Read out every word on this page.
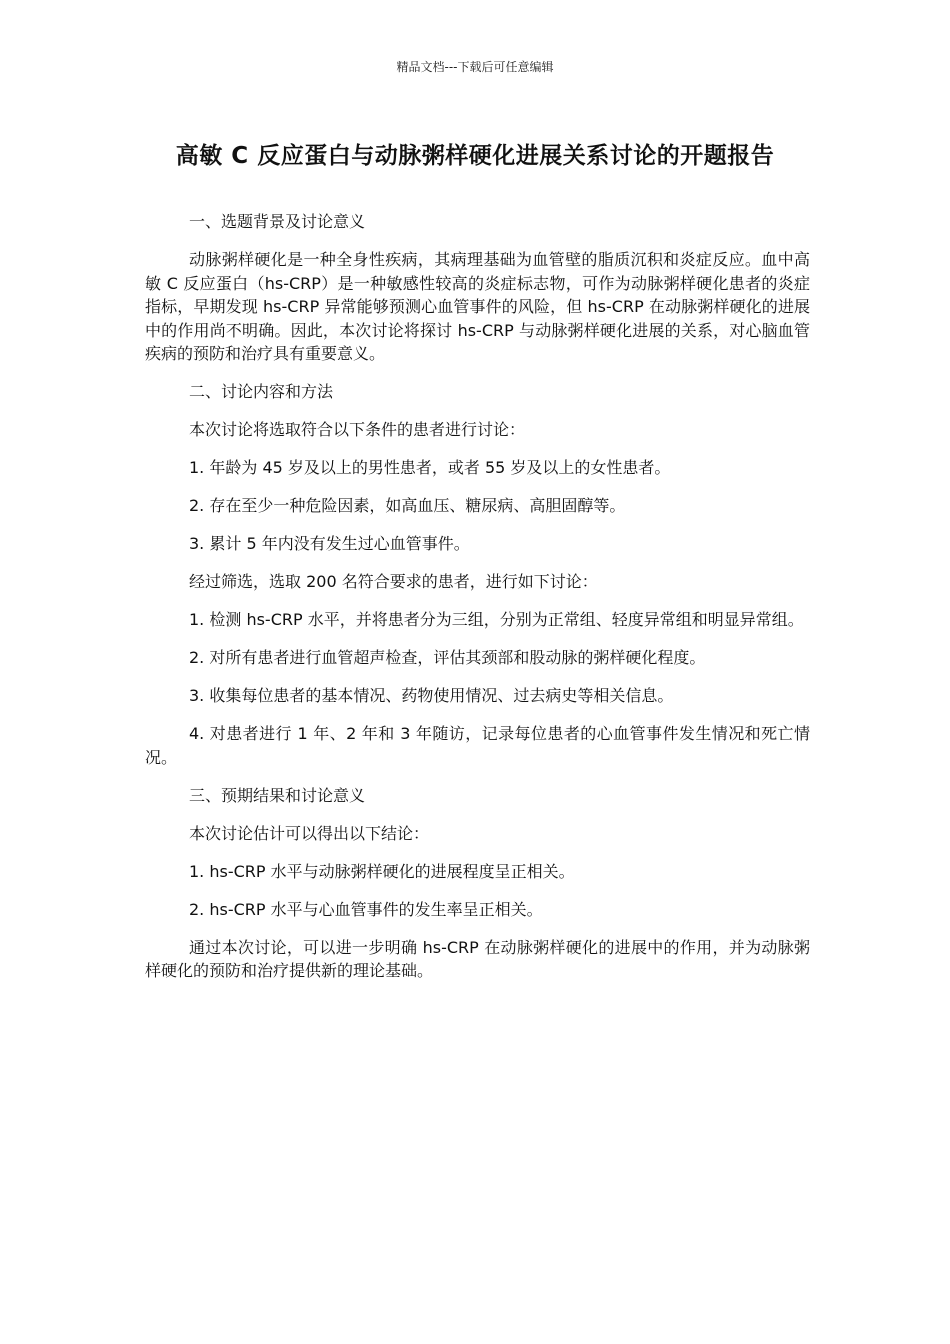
精品文档---下载后可任意编辑
高敏 C 反应蛋白与动脉粥样硬化进展关系讨论的开题报告

一、选题背景及讨论意义

动脉粥样硬化是一种全身性疾病，其病理基础为血管壁的脂质沉积和炎症反应。血中高敏 C 反应蛋白（hs-CRP）是一种敏感性较高的炎症标志物，可作为动脉粥样硬化患者的炎症指标，早期发现 hs-CRP 异常能够预测心血管事件的风险，但 hs-CRP 在动脉粥样硬化的进展中的作用尚不明确。因此，本次讨论将探讨 hs-CRP 与动脉粥样硬化进展的关系，对心脑血管疾病的预防和治疗具有重要意义。

二、讨论内容和方法

本次讨论将选取符合以下条件的患者进行讨论：

1. 年龄为 45 岁及以上的男性患者，或者 55 岁及以上的女性患者。

2. 存在至少一种危险因素，如高血压、糖尿病、高胆固醇等。

3. 累计 5 年内没有发生过心血管事件。

经过筛选，选取 200 名符合要求的患者，进行如下讨论：

1. 检测 hs-CRP 水平，并将患者分为三组，分别为正常组、轻度异常组和明显异常组。

2. 对所有患者进行血管超声检查，评估其颈部和股动脉的粥样硬化程度。

3. 收集每位患者的基本情况、药物使用情况、过去病史等相关信息。

4. 对患者进行 1 年、2 年和 3 年随访，记录每位患者的心血管事件发生情况和死亡情况。

三、预期结果和讨论意义

本次讨论估计可以得出以下结论：

1. hs-CRP 水平与动脉粥样硬化的进展程度呈正相关。

2. hs-CRP 水平与心血管事件的发生率呈正相关。

通过本次讨论，可以进一步明确 hs-CRP 在动脉粥样硬化的进展中的作用，并为动脉粥样硬化的预防和治疗提供新的理论基础。
